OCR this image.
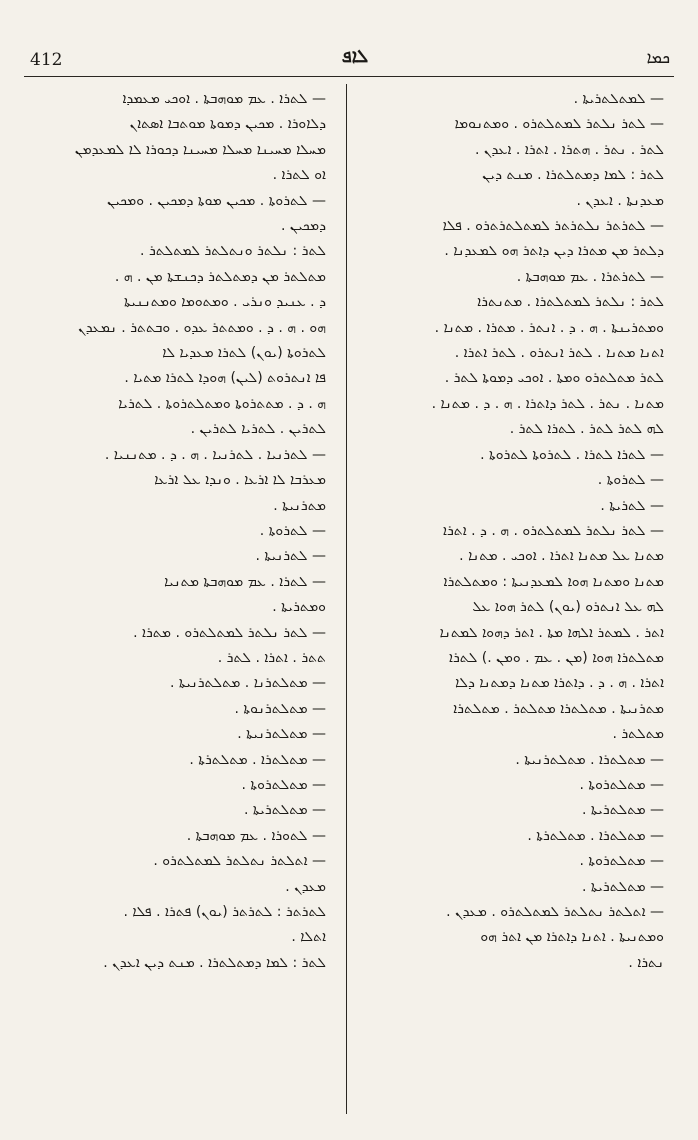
412	ܠܐܦ	ܟܡܐ
— ܠܬܪܐ . ܥܡ ܡܘܗܒܬܐ . ܐܘܟܝ ܡܥܡܕܐ
ܕܠܐܘܪܐ . ܡܟܝܢ ܕܡܘܬܐ ܡܘܬܒܐ ܐܣܬܐܢ
ܡܚܠܐ ܡܚܝܢܐ ܡܚܠܐ ܡܚܝܢܐ ܕܟܘܪܐ ܠܐ ܠܡܥܕܡܢ
ܐܘ ܠܬܪܐ .
— ܠܬܪܘܬܐ . ܡܟܝܢ ܡܘܬܐ ܕܡܟܝܢ . ܘܡܟܝܢ
ܕܡܟܝܢ .
ܠܬܪ : ܢܠܬܪ ܘܢܬܠܬܪ ܠܡܬܠܬܪ .
ܡܬܠܬܪ ܡܢ ܕܡܬܠܬܪ ܕܟܢܫܬܐ ܡܢ . ܗ .
ܕ . ܥܢܝܕ ܘܢܪܝ . ܘܡܬܘܡܐ ܘܡܬܢܢܝܬܐ
ܗܘ . ܗ . ܕ . ܘܡܬܬܪ ܥܕܘ . ܘܒܬܬܪ . ܢܡܥܕܢ
ܠܬܪܘܬܐ (ܝܘܢ) ܠܬܪܐ ܡܥܕܝܐ ܠܐ
ܦܐ ܐܢܬܪܘܬ (ܠܝܢ) ܗܘܕܐ ܠܬܪܐ ܡܬܝܐ .
ܗ . ܕ . ܡܬܬܪܘܬܐ ܘܡܬܠܬܪܘܬܐ . ܠܬܪܝܐ
ܠܬܪܝܢ . ܠܬܪܝܐ ܠܬܪܝܢ .
— ܠܬܪܢܝܐ . ܠܬܪܢܝܐ . ܗ . ܕ . ܡܬܢܢܝܐ .
ܡܥܪܒܐ ܠܐ ܐܪܥܐ . ܘܢܕܐ ܥܠ ܐܪܥܐ
ܡܬܪܢܝܬܐ .
— ܠܬܪܘܬܐ .
— ܠܬܪܢܝܬܐ .
— ܠܬܪܐ . ܥܡ ܡܘܗܒܬܐ ܡܬܢܝܐ
ܘܡܬܪܝܬܐ .
— ܠܬܪ ܢܠܬܪ ܠܡܬܠܬܪܘ . ܡܬܪܐ .
ܬܬܪ . ܐܬܪܐ . ܠܬܪ .
— ܡܬܠܬܪܢܐ . ܡܬܠܬܪܢܝܬܐ .
— ܡܬܠܬܪܢܘܬܐ .
— ܡܬܠܬܪܢܝܬܐ .
— ܡܬܠܬܪܐ . ܡܬܠܬܪܬܐ .
— ܡܬܠܬܪܘܬܐ .
— ܡܬܠܬܪܝܬܐ .
— ܠܬܘܪܐ . ܥܡ ܡܘܗܒܬܐ .
— ܐܬܠܬܪ ܢܬܠܬܪ ܠܡܬܠܬܪܘ .
ܡܥܕܢ .
ܠܬܪܬܪ : ܠܬܪܬܪ (ܝܘܢ) ܦܬܪܐ . ܦܠܐ .
ܐܬܠܐ .
ܠܬܪ : ܠܡܐ ܕܡܬܠܬܪܐ . ܡܢܬ ܕܝܢ ܐܥܕܢ .
— ܠܡܬܠܬܪܝܬܐ .
— ܠܬܪ ܢܠܬܪ ܠܡܬܠܬܪܘ . ܘܡܬܢܘܡܐ
ܠܬܪ . ܢܬܪ . ܗܬܪܐ . ܐܬܪܐ . ܐܥܕܢ .
ܠܬܪ : ܠܡܐ ܕܡܬܠܬܪܐ . ܡܢܬ ܕܝܢ
ܡܥܕܢܬܐ . ܐܥܕܢ .
— ܠܬܪܬܪ ܢܠܬܪܬܪ ܠܡܬܠܬܪܬܪܘ . ܦܠܐ
ܕܠܬܪ ܡܢ ܡܬܪܐ ܕܝܢ ܕܐܬܪ ܗܘ ܠܡܥܕܢܐ .
— ܠܬܪܬܪܐ . ܥܡ ܡܘܗܒܬܐ .
ܠܬܪ : ܢܠܬܪ ܠܡܬܠܬܪܐ . ܡܬܢܬܪܐ
ܘܡܬܪܝܢܬܐ . ܗ . ܕ . ܐܢܬܪ . ܡܬܪܐ . ܡܬܢܐ .
ܐܬܢܐ ܡܬܢܐ . ܠܬܪ ܐܢܬܪܘ . ܠܬܪ ܐܬܪܐ .
ܠܬܪ ܡܬܠܬܪܘ ܘܡܬܐ . ܐܘܟܝ ܕܡܘܬܐ ܠܬܪ .
ܡܬܢܐ . ܢܬܪ . ܠܬܪ ܕܐܬܪܐ . ܗ . ܕ . ܡܬܢܐ .
ܠܗ ܠܬܪ ܠܬܪ . ܠܬܪܐ ܠܬܪ .
— ܠܬܪܐ ܠܬܪܐ . ܠܬܪܘܬܐ ܠܬܪܘܬܐ .
— ܠܬܪܘܬܐ .
— ܠܬܪܝܬܐ .
— ܠܬܪ ܢܠܬܪ ܠܡܬܠܬܪܘ . ܗ . ܕ . ܐܬܪܐ
ܡܬܢܐ ܥܠ ܡܬܢܐ ܐܬܪܐ . ܐܘܟܝ . ܡܬܢܐ .
ܡܬܢܐ ܘܡܬܢܐ ܗܘܐ ܠܡܥܕܢܝܬܐ : ܘܡܬܠܬܪܐ
ܠܗ ܥܠ ܐܢܬܪܘ (ܝܘܢ) ܠܬܪ ܗܘܐ ܥܠ
ܐܬܪ . ܠܡܬܪ ܐܠܗܐ ܡܬܐ . ܐܬܪ ܕܗܘܐ ܠܡܬܢܐ
ܡܬܠܬܪܐ ܗܘܐ (ܡܢ . ܥܡ . ܘܡܢ .) ܠܬܪܐ
ܐܬܪܐ . ܗ . ܕ . ܕܐܬܪܐ ܡܬܢܐ ܕܡܬܢܐ ܕܠܐ
ܡܬܪܢܝܬܐ . ܡܬܠܬܪܐ ܡܬܠܬܪ . ܡܬܠܬܪܐ
ܡܬܠܬܪ .
— ܡܬܠܬܪܐ . ܡܬܠܬܪܢܝܬܐ .
— ܡܬܠܬܪܘܬܐ .
— ܡܬܠܬܪܝܬܐ .
— ܡܬܠܬܪܐ . ܡܬܠܬܪܬܐ .
— ܡܬܠܬܪܘܬܐ .
— ܡܬܠܬܪܝܬܐ .
— ܐܬܠܬܪ ܢܬܠܬܪ ܠܡܬܠܬܪܘ . ܡܥܕܢ .
ܘܡܬܢܝܬܐ . ܐܬܢܐ ܕܐܬܪܐ ܡܢ ܐܬܪ ܗܘ
ܢܬܪܐ .
